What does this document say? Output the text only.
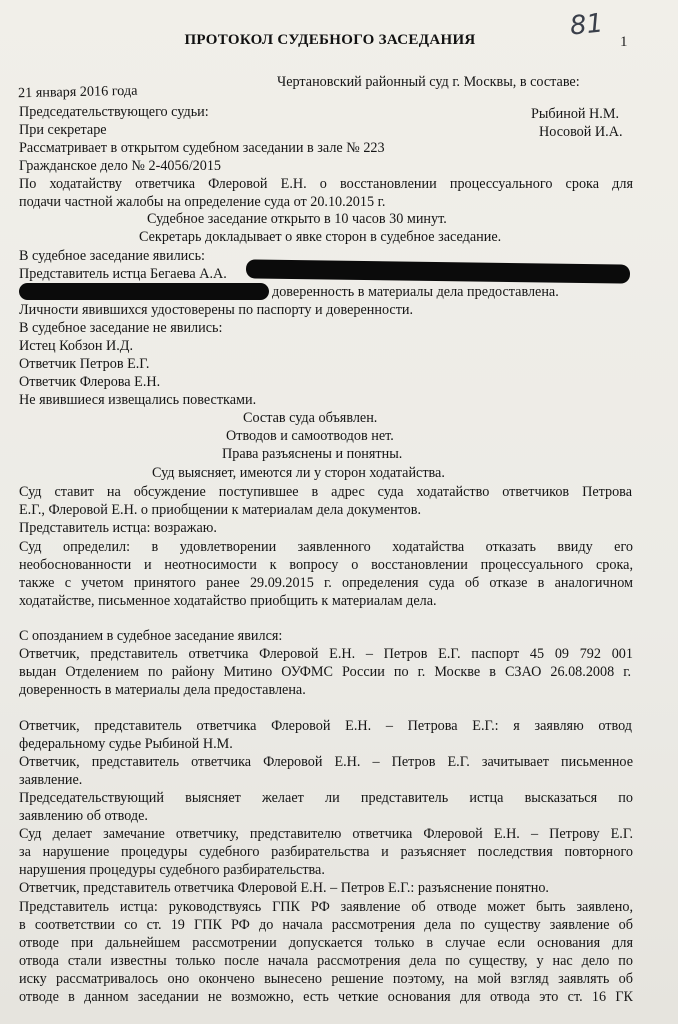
81
ПРОТОКОЛ СУДЕБНОГО ЗАСЕДАНИЯ	1
Чертановский районный суд г. Москвы, в составе:
21 января 2016 года
Председательствующего судьи:	Рыбиной Н.М.
При секретаре	Носовой И.А.
Рассматривает в открытом судебном заседании в зале № 223
Гражданское дело № 2-4056/2015
По ходатайству ответчика Флеровой Е.Н. о восстановлении процессуального срока для
подачи частной жалобы на определение суда от 20.10.2015 г.
Судебное заседание открыто в 10 часов 30 минут.
Секретарь докладывает о явке сторон в судебное заседание.
В судебное заседание явились:
Представитель истца Бегаева А.А.
доверенность в материалы дела предоставлена.
Личности явившихся удостоверены по паспорту и доверенности.
В судебное заседание не явились:
Истец Кобзон И.Д.
Ответчик Петров Е.Г.
Ответчик Флерова Е.Н.
Не явившиеся извещались повестками.
Состав суда объявлен.
Отводов и самоотводов нет.
Права разъяснены и понятны.
Суд выясняет, имеются ли у сторон ходатайства.
Суд ставит на обсуждение поступившее в адрес суда ходатайство ответчиков Петрова
Е.Г., Флеровой Е.Н. о приобщении к материалам дела документов.
Представитель истца: возражаю.
Суд определил: в удовлетворении заявленного ходатайства отказать ввиду его
необоснованности и неотносимости к вопросу о восстановлении процессуального срока,
также с учетом принятого ранее 29.09.2015 г. определения суда об отказе в аналогичном
ходатайстве, письменное ходатайство приобщить к материалам дела.
С опозданием в судебное заседание явился:
Ответчик, представитель ответчика Флеровой Е.Н. – Петров Е.Г. паспорт 45 09 792 001
выдан Отделением по району Митино ОУФМС России по г. Москве в СЗАО 26.08.2008 г.
доверенность в материалы дела предоставлена.
Ответчик, представитель ответчика Флеровой Е.Н. – Петрова Е.Г.: я заявляю отвод
федеральному судье Рыбиной Н.М.
Ответчик, представитель ответчика Флеровой Е.Н. – Петров Е.Г. зачитывает письменное
заявление.
Председательствующий выясняет желает ли представитель истца высказаться по
заявлению об отводе.
Суд делает замечание ответчику, представителю ответчика Флеровой Е.Н. – Петрову Е.Г.
за нарушение процедуры судебного разбирательства и разъясняет последствия повторного
нарушения процедуры судебного разбирательства.
Ответчик, представитель ответчика Флеровой Е.Н. – Петров Е.Г.: разъяснение понятно.
Представитель истца: руководствуясь ГПК РФ заявление об отводе может быть заявлено,
в соответствии со ст. 19 ГПК РФ до начала рассмотрения дела по существу заявление об
отводе при дальнейшем рассмотрении допускается только в случае если основания для
отвода стали известны только после начала рассмотрения дела по существу, у нас дело по
иску рассматривалось оно окончено вынесено решение поэтому, на мой взгляд заявлять об
отводе в данном заседании не возможно, есть четкие основания для отвода это ст. 16 ГК
